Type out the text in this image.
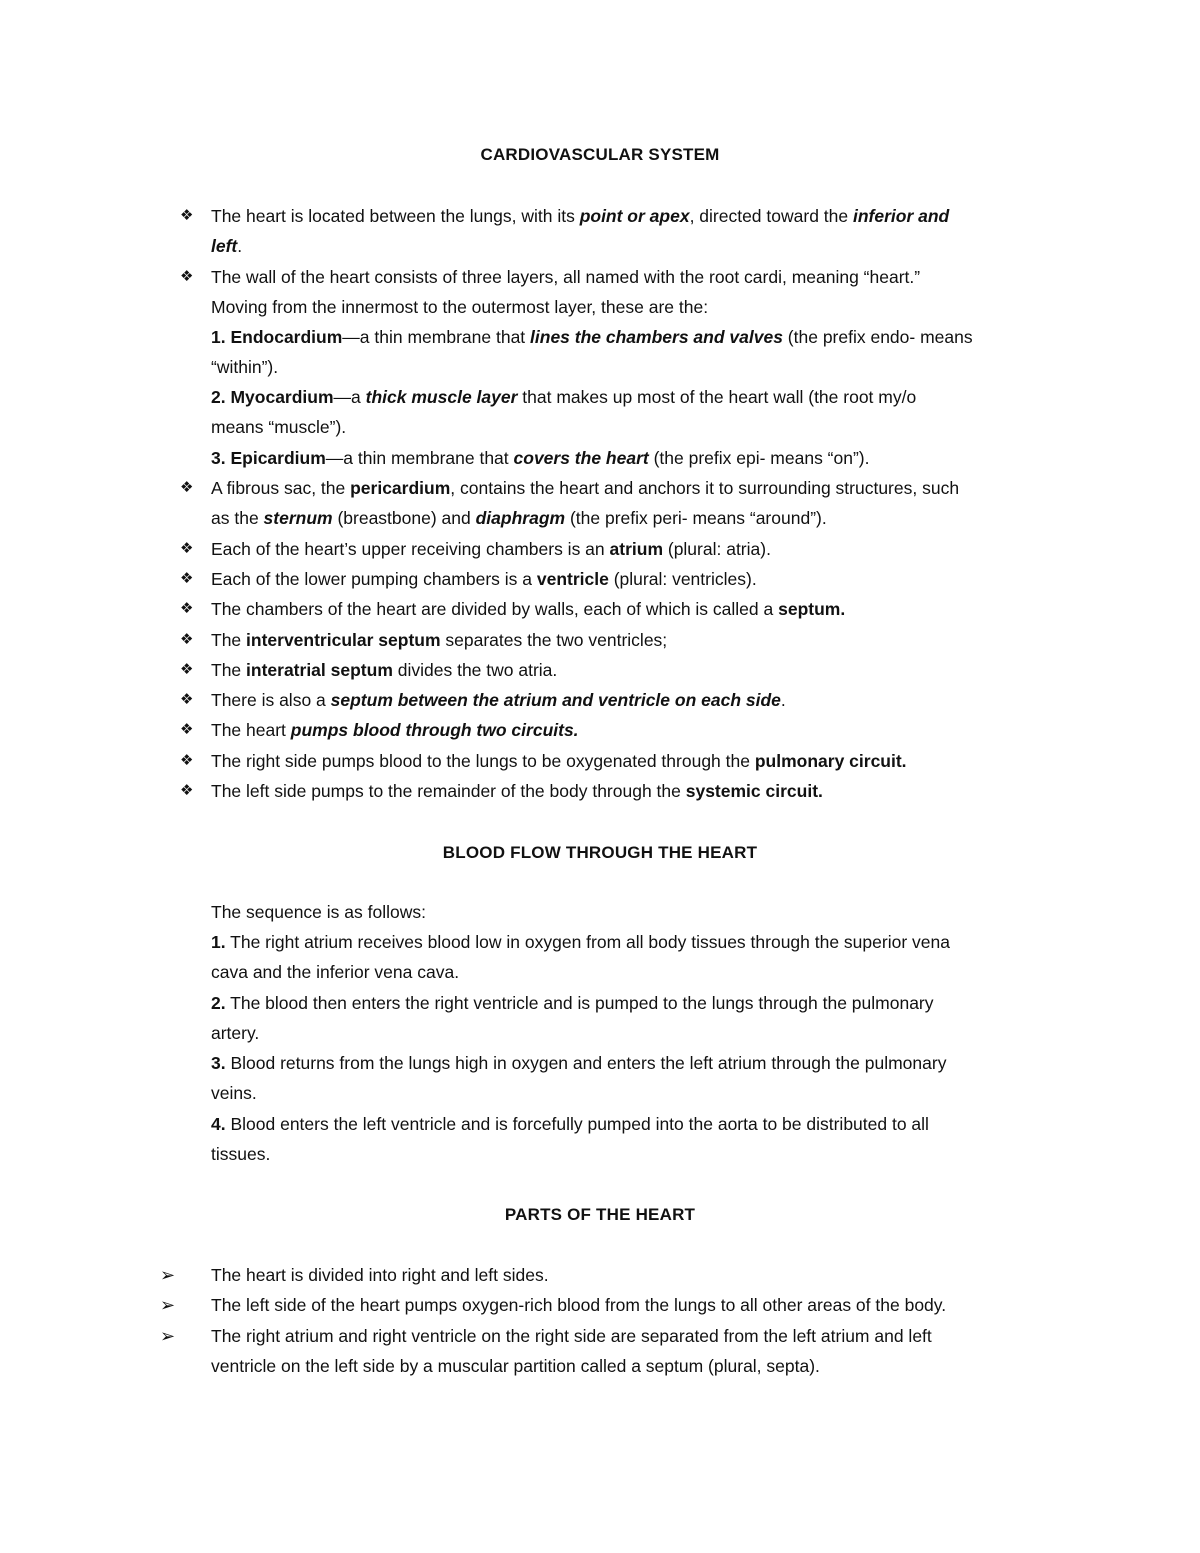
CARDIOVASCULAR SYSTEM
❖ The heart is located between the lungs, with its point or apex, directed toward the inferior and
left.
❖ The wall of the heart consists of three layers, all named with the root cardi, meaning “heart.”
Moving from the innermost to the outermost layer, these are the:
1. Endocardium—a thin membrane that lines the chambers and valves (the prefix endo- means
“within”).
2. Myocardium—a thick muscle layer that makes up most of the heart wall (the root my/o
means “muscle”).
3. Epicardium—a thin membrane that covers the heart (the prefix epi- means “on”).
❖ A fibrous sac, the pericardium, contains the heart and anchors it to surrounding structures, such
as the sternum (breastbone) and diaphragm (the prefix peri- means “around”).
❖ Each of the heart’s upper receiving chambers is an atrium (plural: atria).
❖ Each of the lower pumping chambers is a ventricle (plural: ventricles).
❖ The chambers of the heart are divided by walls, each of which is called a septum.
❖ The interventricular septum separates the two ventricles;
❖ The interatrial septum divides the two atria.
❖ There is also a septum between the atrium and ventricle on each side.
❖ The heart pumps blood through two circuits.
❖ The right side pumps blood to the lungs to be oxygenated through the pulmonary circuit.
❖ The left side pumps to the remainder of the body through the systemic circuit.
BLOOD FLOW THROUGH THE HEART
The sequence is as follows:
1. The right atrium receives blood low in oxygen from all body tissues through the superior vena
cava and the inferior vena cava.
2. The blood then enters the right ventricle and is pumped to the lungs through the pulmonary
artery.
3. Blood returns from the lungs high in oxygen and enters the left atrium through the pulmonary
veins.
4. Blood enters the left ventricle and is forcefully pumped into the aorta to be distributed to all
tissues.
PARTS OF THE HEART
➢ The heart is divided into right and left sides.
➢ The left side of the heart pumps oxygen-rich blood from the lungs to all other areas of the body.
➢ The right atrium and right ventricle on the right side are separated from the left atrium and left
ventricle on the left side by a muscular partition called a septum (plural, septa).
